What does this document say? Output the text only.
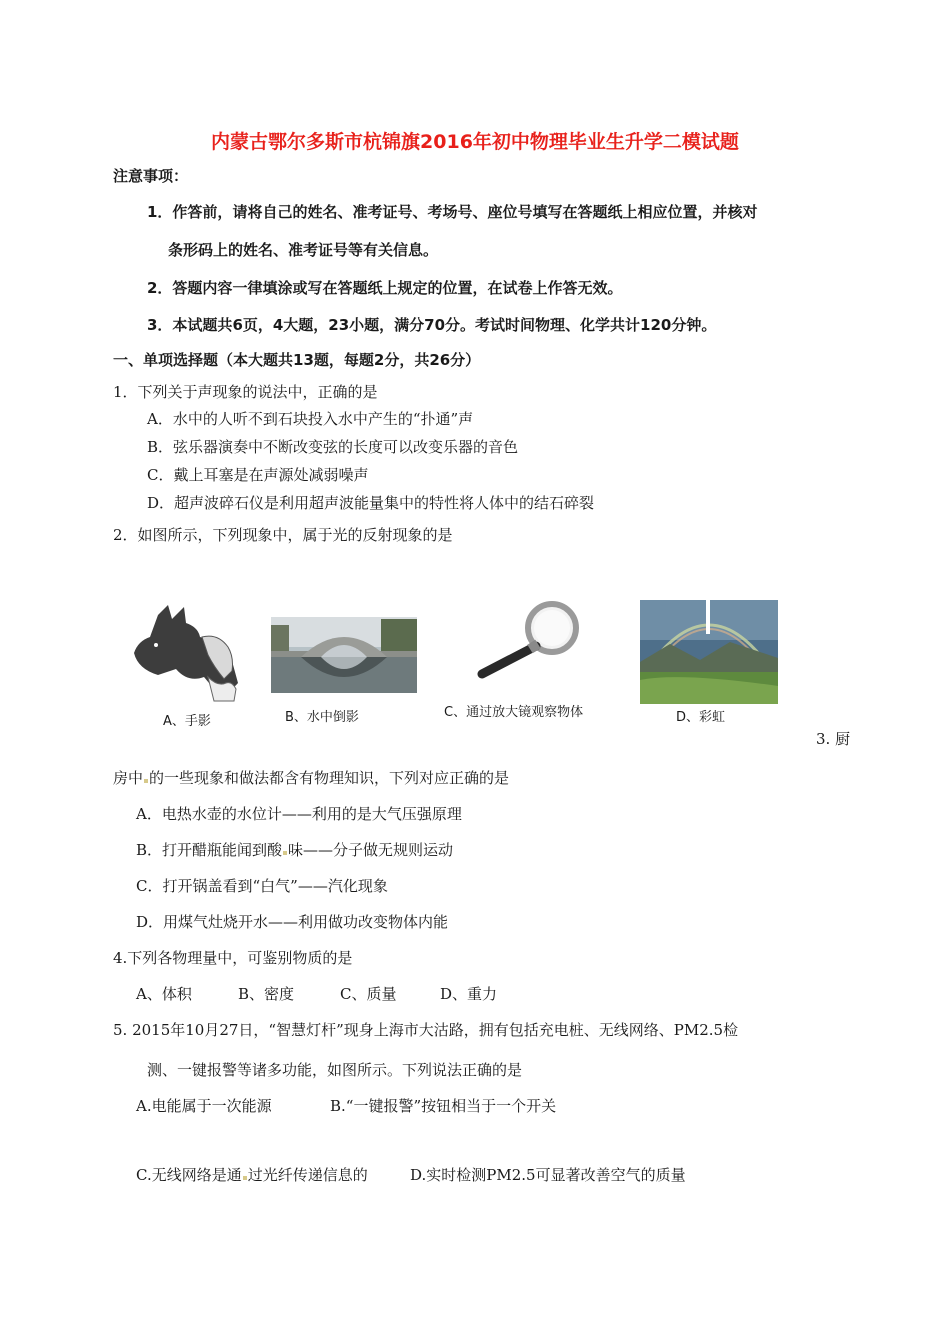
内蒙古鄂尔多斯市杭锦旗2016年初中物理毕业生升学二模试题
注意事项：
1．作答前，请将自己的姓名、准考证号、考场号、座位号填写在答题纸上相应位置，并核对
条形码上的姓名、准考证号等有关信息。
2．答题内容一律填涂或写在答题纸上规定的位置，在试卷上作答无效。
3．本试题共6页，4大题，23小题，满分70分。考试时间物理、化学共计120分钟。
一、单项选择题（本大题共13题，每题2分，共26分）
1．下列关于声现象的说法中，正确的是
A．水中的人听不到石块投入水中产生的“扑通”声
B．弦乐器演奏中不断改变弦的长度可以改变乐器的音色
C．戴上耳塞是在声源处减弱噪声
D．超声波碎石仪是利用超声波能量集中的特性将人体中的结石碎裂
2．如图所示，下列现象中，属于光的反射现象的是
A、手影	B、水中倒影	C、通过放大镜观察物体	D、彩虹
3. 厨
房中 的一些现象和做法都含有物理知识，下列对应正确的是
A．电热水壶的水位计——利用的是大气压强原理
B．打开醋瓶能闻到酸 味——分子做无规则运动
C．打开锅盖看到“白气”——汽化现象
D．用煤气灶烧开水——利用做功改变物体内能
4.下列各物理量中，可鉴别物质的是
A、体积	B、密度	C、质量	D、重力
5. 2015年10月27日，“智慧灯杆”现身上海市大沽路，拥有包括充电桩、无线网络、PM2.5检
测、一键报警等诸多功能，如图所示。下列说法正确的是
A.电能属于一次能源	B.“一键报警”按钮相当于一个开关
C.无线网络是通 过光纤传递信息的	D.实时检测PM2.5可显著改善空气的质量
